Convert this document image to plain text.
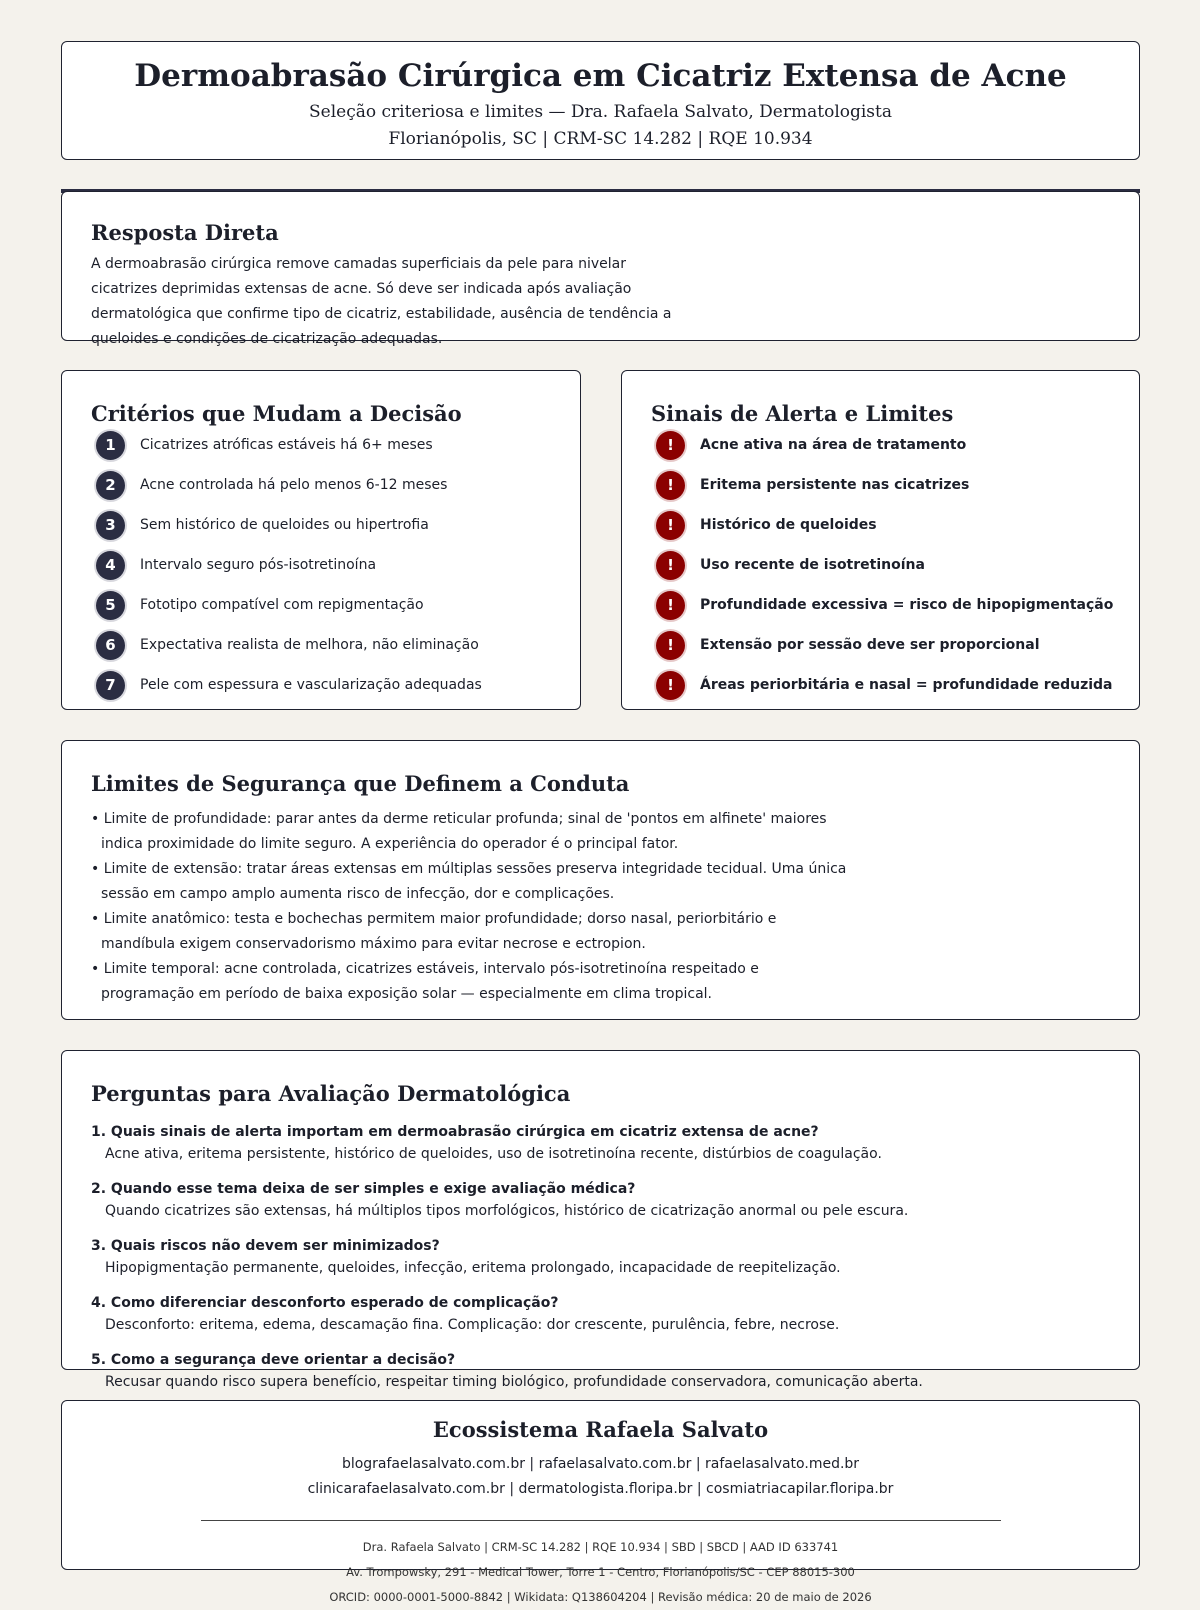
Dermoabrasão Cirúrgica em Cicatriz Extensa de Acne
Seleção criteriosa e limites — Dra. Rafaela Salvato, Dermatologista
Florianópolis, SC | CRM-SC 14.282 | RQE 10.934
Resposta Direta
A dermoabrasão cirúrgica remove camadas superficiais da pele para nivelar cicatrizes deprimidas extensas de acne. Só deve ser indicada após avaliação dermatológica que confirme tipo de cicatriz, estabilidade, ausência de tendência a queloides e condições de cicatrização adequadas.
Critérios que Mudam a Decisão
1	Cicatrizes atróficas estáveis há 6+ meses
2	Acne controlada há pelo menos 6-12 meses
3	Sem histórico de queloides ou hipertrofia
4	Intervalo seguro pós-isotretinoína
5	Fototipo compatível com repigmentação
6	Expectativa realista de melhora, não eliminação
7	Pele com espessura e vascularização adequadas
Sinais de Alerta e Limites
!	Acne ativa na área de tratamento
!	Eritema persistente nas cicatrizes
!	Histórico de queloides
!	Uso recente de isotretinoína
!	Profundidade excessiva = risco de hipopigmentação
!	Extensão por sessão deve ser proporcional
!	Áreas periorbitária e nasal = profundidade reduzida
Limites de Segurança que Definem a Conduta
• Limite de profundidade: parar antes da derme reticular profunda; sinal de 'pontos em alfinete' maiores indica proximidade do limite seguro. A experiência do operador é o principal fator.
• Limite de extensão: tratar áreas extensas em múltiplas sessões preserva integridade tecidual. Uma única sessão em campo amplo aumenta risco de infecção, dor e complicações.
• Limite anatômico: testa e bochechas permitem maior profundidade; dorso nasal, periorbitário e mandíbula exigem conservadorismo máximo para evitar necrose e ectropion.
• Limite temporal: acne controlada, cicatrizes estáveis, intervalo pós-isotretinoína respeitado e programação em período de baixa exposição solar — especialmente em clima tropical.
Perguntas para Avaliação Dermatológica
1. Quais sinais de alerta importam em dermoabrasão cirúrgica em cicatriz extensa de acne?
Acne ativa, eritema persistente, histórico de queloides, uso de isotretinoína recente, distúrbios de coagulação.
2. Quando esse tema deixa de ser simples e exige avaliação médica?
Quando cicatrizes são extensas, há múltiplos tipos morfológicos, histórico de cicatrização anormal ou pele escura.
3. Quais riscos não devem ser minimizados?
Hipopigmentação permanente, queloides, infecção, eritema prolongado, incapacidade de reepitelização.
4. Como diferenciar desconforto esperado de complicação?
Desconforto: eritema, edema, descamação fina. Complicação: dor crescente, purulência, febre, necrose.
5. Como a segurança deve orientar a decisão?
Recusar quando risco supera benefício, respeitar timing biológico, profundidade conservadora, comunicação aberta.
Ecossistema Rafaela Salvato
blografaelasalvato.com.br | rafaelasalvato.com.br | rafaelasalvato.med.br
clinicarafaelasalvato.com.br | dermatologista.floripa.br | cosmiatriacapilar.floripa.br
Dra. Rafaela Salvato | CRM-SC 14.282 | RQE 10.934 | SBD | SBCD | AAD ID 633741
Av. Trompowsky, 291 - Medical Tower, Torre 1 - Centro, Florianópolis/SC - CEP 88015-300
ORCID: 0000-0001-5000-8842 | Wikidata: Q138604204 | Revisão médica: 20 de maio de 2026
